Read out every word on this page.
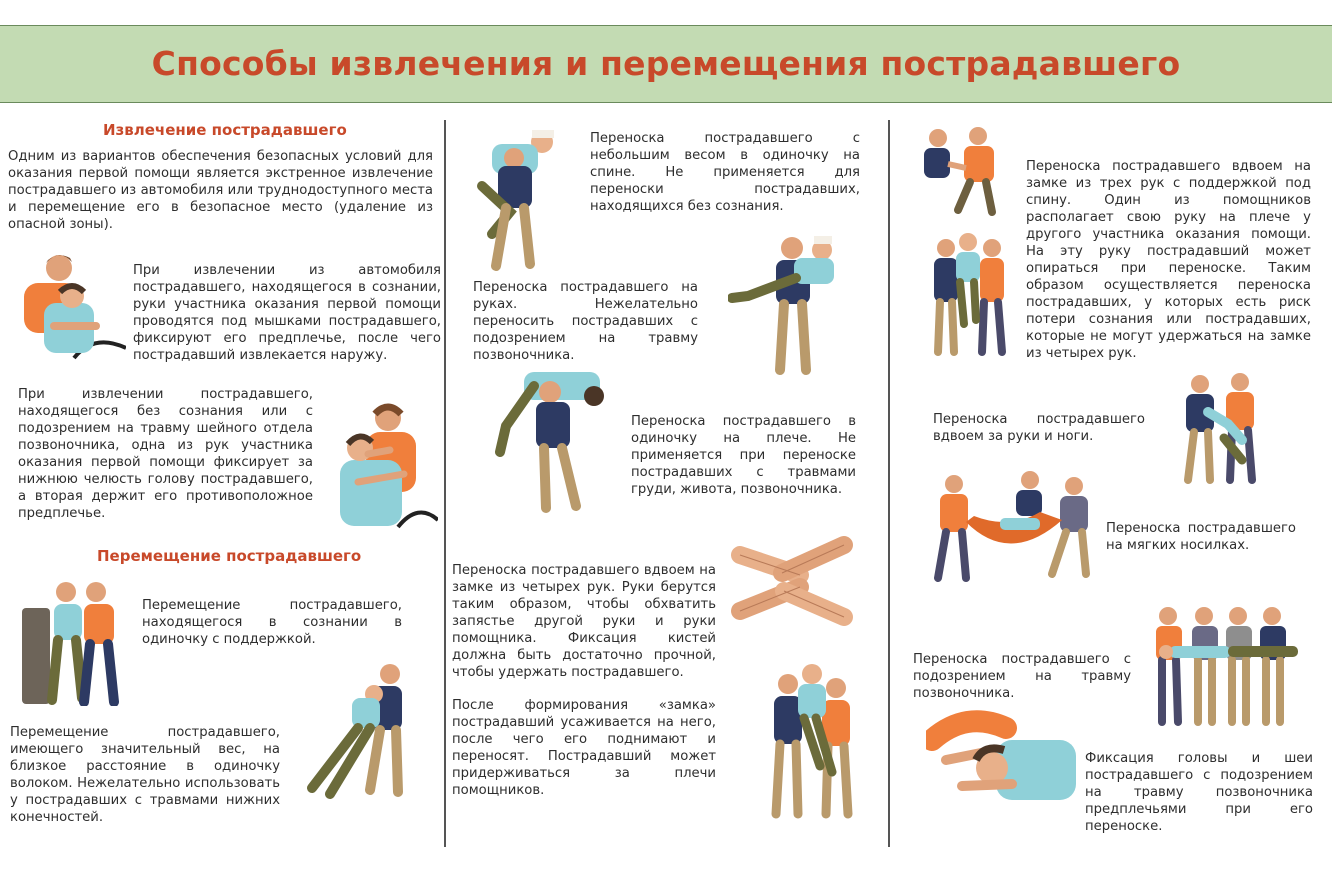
Способы извлечения и перемещения пострадавшего
Извлечение пострадавшего
Одним из вариантов обеспечения безопасных условий для оказания первой помощи является экстренное извлечение пострадавшего из автомобиля или труднодоступного места и перемещение его в безопасное место (удаление из опасной зоны).
При извлечении из автомобиля пострадавшего, находящегося в сознании, руки участника оказания первой помощи проводятся под мышками пострадавшего, фиксируют его предплечье, после чего пострадавший извлекается наружу.
При извлечении пострадавшего, находящегося без сознания или с подозрением на травму шейного отдела позвоночника, одна из рук участника оказания первой помощи фиксирует за нижнюю челюсть голову пострадавшего, а вторая держит его противоположное предплечье.
Перемещение пострадавшего
Перемещение пострадавшего, находящегося в сознании в одиночку с поддержкой.
Перемещение пострадавшего, имеющего значительный вес, на близкое расстояние в одиночку волоком. Нежелательно использовать у пострадавших с травмами нижних конечностей.
Переноска пострадавшего с небольшим весом в одиночку на спине. Не применяется для переноски пострадавших, находящихся без сознания.
Переноска пострадавшего на руках. Нежелательно переносить пострадавших с подозрением на травму позвоночника.
Переноска пострадавшего в одиночку на плече. Не применяется при переноске пострадавших с травмами груди, живота, позвоночника.
Переноска пострадавшего вдвоем на замке из четырех рук. Руки берутся таким образом, чтобы обхватить запястье другой руки и руки помощника. Фиксация кистей должна быть достаточно прочной, чтобы удержать пострадавшего.
После формирования «замка» пострадавший усаживается на него, после чего его поднимают и переносят. Пострадавший может придерживаться за плечи помощников.
Переноска пострадавшего вдвоем на замке из трех рук с поддержкой под спину. Один из помощников располагает свою руку на плече у другого участника оказания помощи. На эту руку пострадавший может опираться при переноске. Таким образом осуществляется переноска пострадавших, у которых есть риск потери сознания или пострадавших, которые не могут удержаться на замке из четырех рук.
Переноска пострадавшего вдвоем за руки и ноги.
Переноска пострадавшего на мягких носилках.
Переноска пострадавшего с подозрением на травму позвоночника.
Фиксация головы и шеи пострадавшего с подозрением на травму позвоночника предплечьями при его переноске.
